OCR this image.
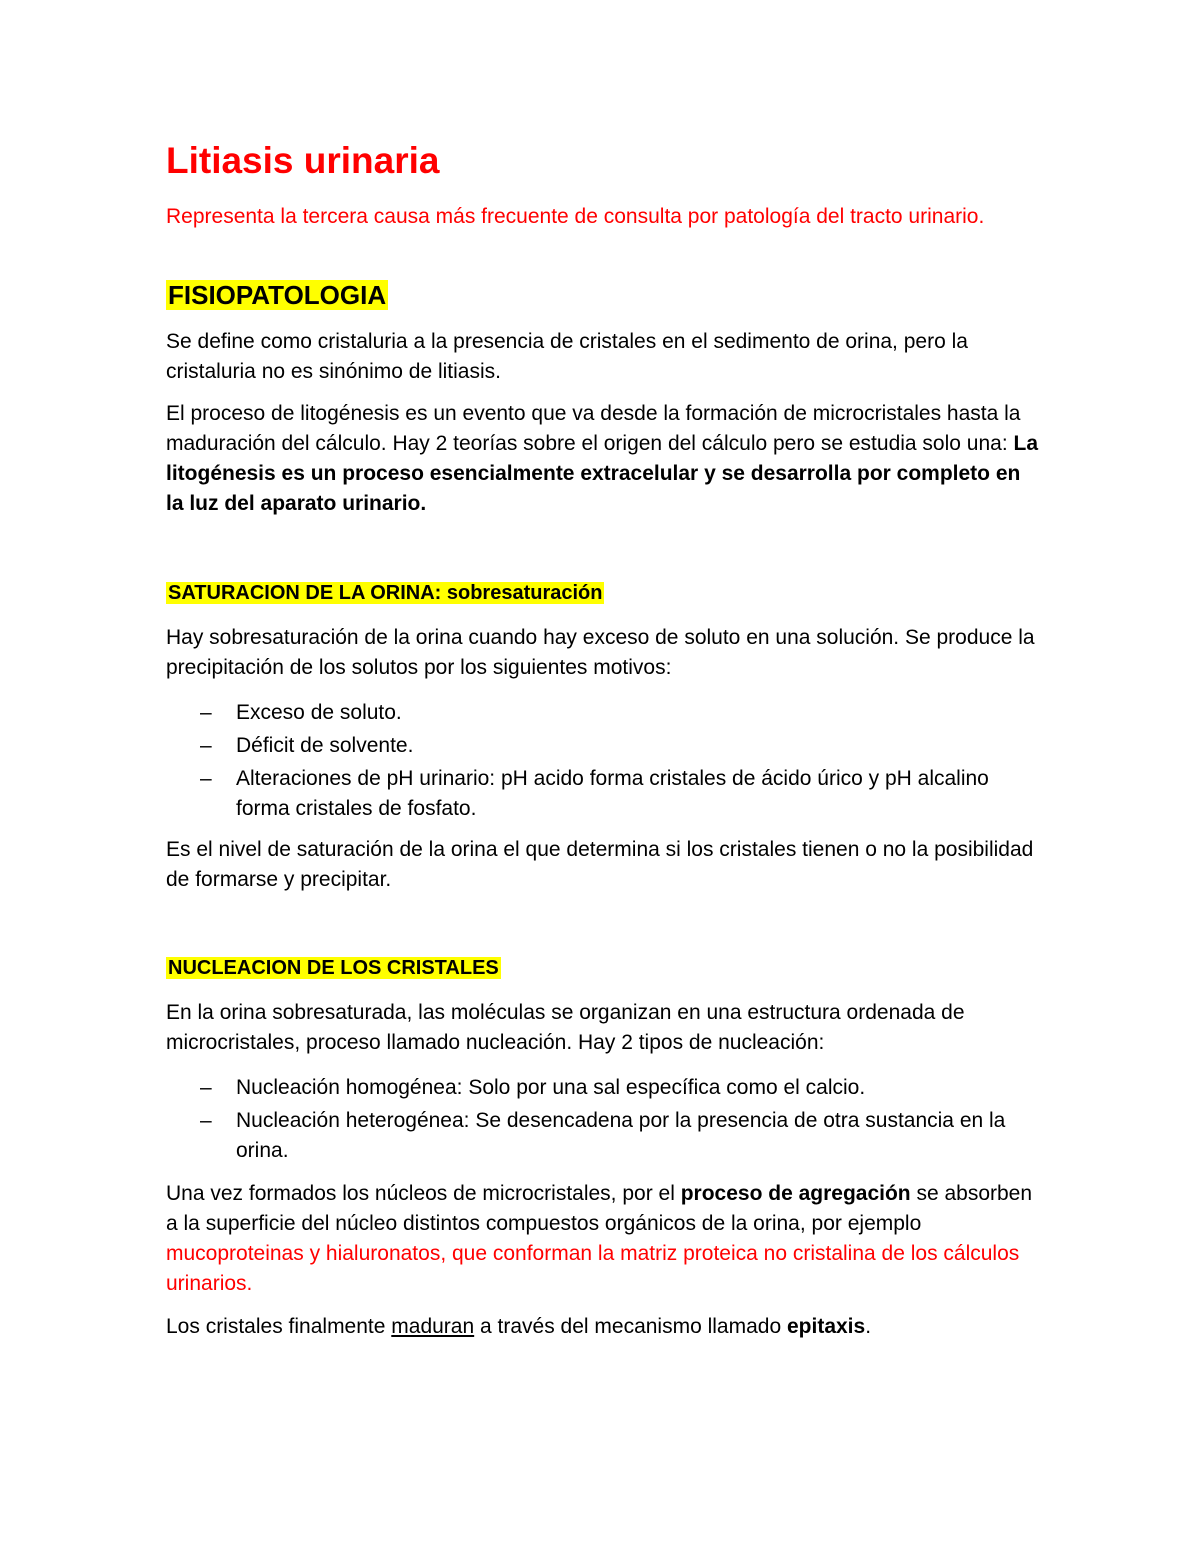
Litiasis urinaria

Representa la tercera causa más frecuente de consulta por patología del tracto urinario.

FISIOPATOLOGIA

Se define como cristaluria a la presencia de cristales en el sedimento de orina, pero la cristaluria no es sinónimo de litiasis.

El proceso de litogénesis es un evento que va desde la formación de microcristales hasta la maduración del cálculo. Hay 2 teorías sobre el origen del cálculo pero se estudia solo una: La litogénesis es un proceso esencialmente extracelular y se desarrolla por completo en la luz del aparato urinario.

SATURACION DE LA ORINA: sobresaturación

Hay sobresaturación de la orina cuando hay exceso de soluto en una solución. Se produce la precipitación de los solutos por los siguientes motivos:

– Exceso de soluto.
– Déficit de solvente.
– Alteraciones de pH urinario: pH acido forma cristales de ácido úrico y pH alcalino forma cristales de fosfato.

Es el nivel de saturación de la orina el que determina si los cristales tienen o no la posibilidad de formarse y precipitar.

NUCLEACION DE LOS CRISTALES

En la orina sobresaturada, las moléculas se organizan en una estructura ordenada de microcristales, proceso llamado nucleación. Hay 2 tipos de nucleación:

– Nucleación homogénea: Solo por una sal específica como el calcio.
– Nucleación heterogénea: Se desencadena por la presencia de otra sustancia en la orina.

Una vez formados los núcleos de microcristales, por el proceso de agregación se absorben a la superficie del núcleo distintos compuestos orgánicos de la orina, por ejemplo mucoproteinas y hialuronatos, que conforman la matriz proteica no cristalina de los cálculos urinarios.

Los cristales finalmente maduran a través del mecanismo llamado epitaxis.
